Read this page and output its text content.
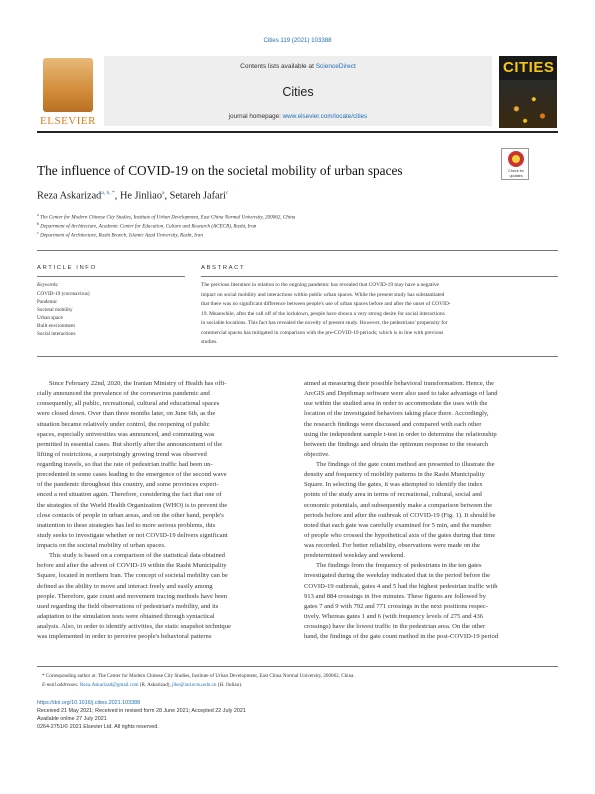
Cities 119 (2021) 103388
ELSEVIER
Contents lists available at ScienceDirect
Cities
journal homepage: www.elsevier.com/locate/cities
CITIES
The influence of COVID-19 on the societal mobility of urban spaces	Check for
updates
Reza Askarizad$^{a, b, *}$, He Jinliao$^a$, Setareh Jafari$^c$
$^a$ The Center for Modern Chinese City Studies, Institute of Urban Development, East China Normal University, 200062, China
$^b$ Department of Architecture, Academic Center for Education, Culture and Research (ACECR), Rasht, Iran
$^c$ Department of Architecture, Rasht Branch, Islamic Azad University, Rasht, Iran
ARTICLE INFO	ABSTRACT
Keywords:
COVID-19 (coronavirus)
Pandemic
Societal mobility
Urban space
Built environment
Social interactions
The previous literature in relation to the ongoing pandemic has revealed that COVID-19 may have a negative
impact on social mobility and interactions within public urban spaces. While the present study has substantiated
that there was no significant difference between people's use of urban spaces before and after the onset of COVID-
19. Meanwhile, after the call off of the lockdown, people have shown a very strong desire for social interactions
in sociable locations. This fact has revealed the novelty of present study. However, the pedestrians' propensity for
commercial spaces has mitigated in comparison with the pre-COVID-19 periods; which is in line with previous
studies.
Since February 22nd, 2020, the Iranian Ministry of Health has offi-
cially announced the prevalence of the coronavirus pandemic and
consequently, all public, recreational, cultural and educational spaces
were closed down. Over than three months later, on June 6th, as the
situation became relatively under control, the reopening of public
spaces, especially universities was announced, and commuting was
permitted in essential cases. But shortly after the announcement of the
lifting of restrictions, a surprisingly growing trend was observed
regarding travels, so that the rate of pedestrian traffic had been un-
precedented in some cases leading to the emergence of the second wave
of the pandemic throughout this country, and some provinces experi-
enced a red situation again. Therefore, considering the fact that one of
the strategies of the World Health Organization (WHO) is to prevent the
close contacts of people in urban areas, and on the other hand, people's
inattention to these strategies has led to more serious problems, this
study seeks to investigate whether or not COVID-19 delivers significant
impacts on the societal mobility of urban spaces.
This study is based on a comparison of the statistical data obtained
before and after the advent of COVID-19 within the Rasht Municipality
Square, located in northern Iran. The concept of societal mobility can be
defined as the ability to move and interact freely and easily among
people. Therefore, gate count and movement tracing methods have been
used regarding the field observations of pedestrian's mobility, and its
adaptation to the simulation tests were obtained through syntactical
analysis. Also, in order to identify activities, the static snapshot technique
was implemented in order to perceive people's behavioral patterns
aimed at measuring their possible behavioral transformation. Hence, the
ArcGIS and Depthmap software were also used to take advantage of land
use within the studied area in order to accommodate the uses with the
location of the investigated behaviors taking place there. Accordingly,
the research findings were discussed and compared with each other
using the independent sample t-test in order to determine the relationship
between the findings and obtain the optimum response to the research
objective.
The findings of the gate count method are presented to illustrate the
density and frequency of mobility patterns in the Rasht Municipality
Square. In selecting the gates, it was attempted to identify the index
points of the study area in terms of recreational, cultural, social and
economic potentials, and subsequently make a comparison between the
periods before and after the outbreak of COVID-19 (Fig. 1). It should be
noted that each gate was carefully examined for 5 min, and the number
of people who crossed the hypothetical axis of the gates during that time
was recorded. For better reliability, observations were made on the
predetermined weekday and weekend.
The findings from the frequency of pedestrians in the ten gates
investigated during the weekday indicated that in the period before the
COVID-19 outbreak, gates 4 and 5 had the highest pedestrian traffic with
913 and 884 crossings in five minutes. These figures are followed by
gates 7 and 9 with 792 and 771 crossings in the next positions respec-
tively. Whereas gates 1 and 6 (with frequency levels of 275 and 436
crossings) have the lowest traffic in the pedestrian area. On the other
hand, the findings of the gate count method in the post-COVID-19 period
* Corresponding author at: The Center for Modern Chinese City Studies, Institute of Urban Development, East China Normal University, 200062, China.
E-mail addresses: Reza.Askarizad@gmail.com (R. Askarizad), jlhe@iud.ecnu.edu.cn (H. Jinliao).
https://doi.org/10.1016/j.cities.2021.103388
Received 21 May 2021; Received in revised form 28 June 2021; Accepted 22 July 2021
Available online 27 July 2021
0264-2751/© 2021 Elsevier Ltd. All rights reserved.
